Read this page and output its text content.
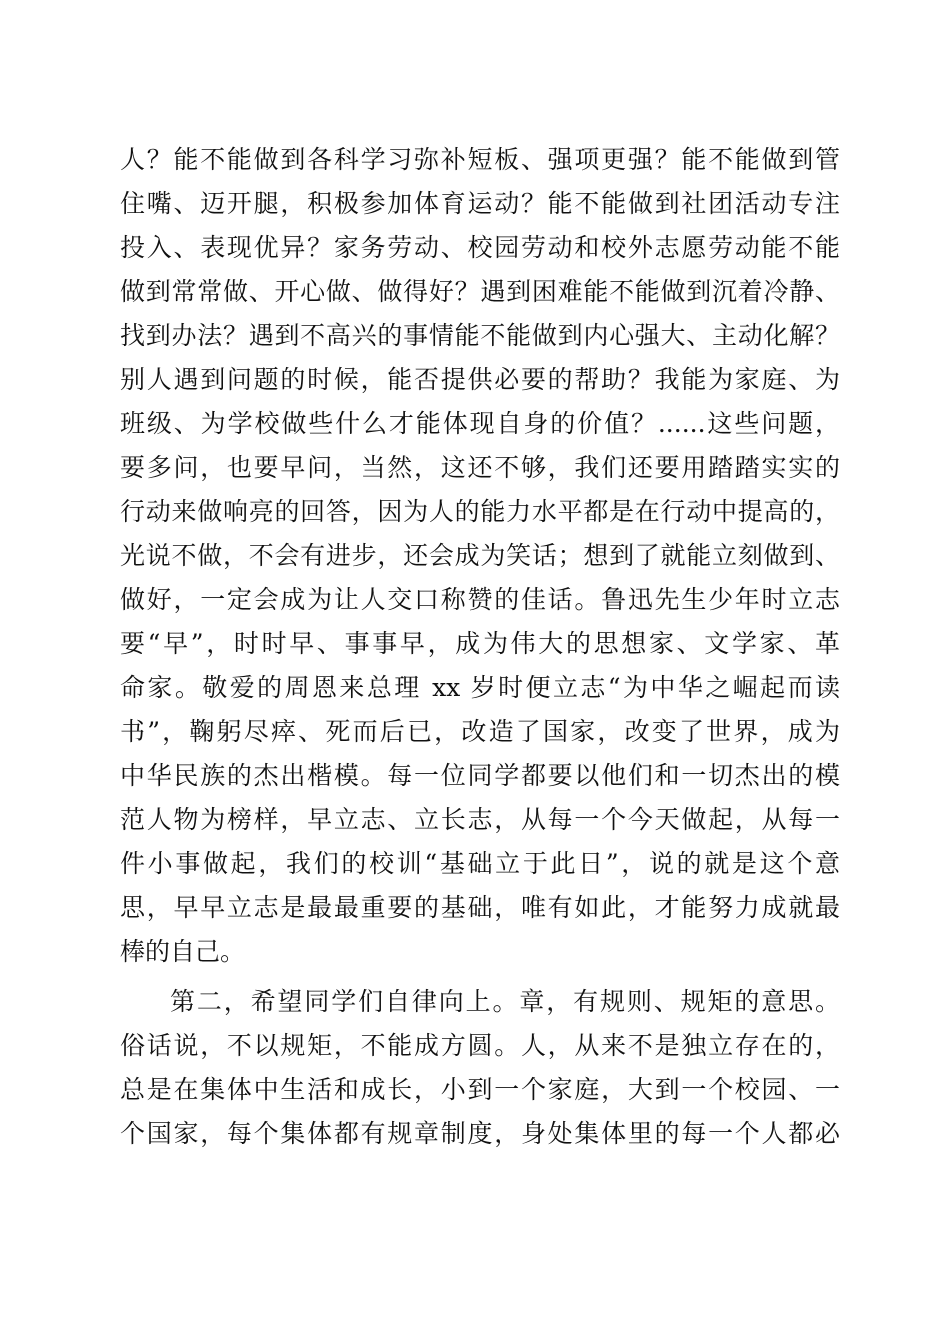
人？能不能做到各科学习弥补短板、强项更强？能不能做到管
住嘴、迈开腿，积极参加体育运动？能不能做到社团活动专注
投入、表现优异？家务劳动、校园劳动和校外志愿劳动能不能
做到常常做、开心做、做得好？遇到困难能不能做到沉着冷静、
找到办法？遇到不高兴的事情能不能做到内心强大、主动化解？
别人遇到问题的时候，能否提供必要的帮助？我能为家庭、为
班级、为学校做些什么才能体现自身的价值？......这些问题，
要多问，也要早问，当然，这还不够，我们还要用踏踏实实的
行动来做响亮的回答，因为人的能力水平都是在行动中提高的，
光说不做，不会有进步，还会成为笑话；想到了就能立刻做到、
做好，一定会成为让人交口称赞的佳话。鲁迅先生少年时立志
要“早”，时时早、事事早，成为伟大的思想家、文学家、革
命家。敬爱的周恩来总理 xx 岁时便立志“为中华之崛起而读
书”，鞠躬尽瘁、死而后已，改造了国家，改变了世界，成为
中华民族的杰出楷模。每一位同学都要以他们和一切杰出的模
范人物为榜样，早立志、立长志，从每一个今天做起，从每一
件小事做起，我们的校训“基础立于此日”，说的就是这个意
思，早早立志是最最重要的基础，唯有如此，才能努力成就最
棒的自己。
第二，希望同学们自律向上。章，有规则、规矩的意思。
俗话说，不以规矩，不能成方圆。人，从来不是独立存在的，
总是在集体中生活和成长，小到一个家庭，大到一个校园、一
个国家，每个集体都有规章制度，身处集体里的每一个人都必
